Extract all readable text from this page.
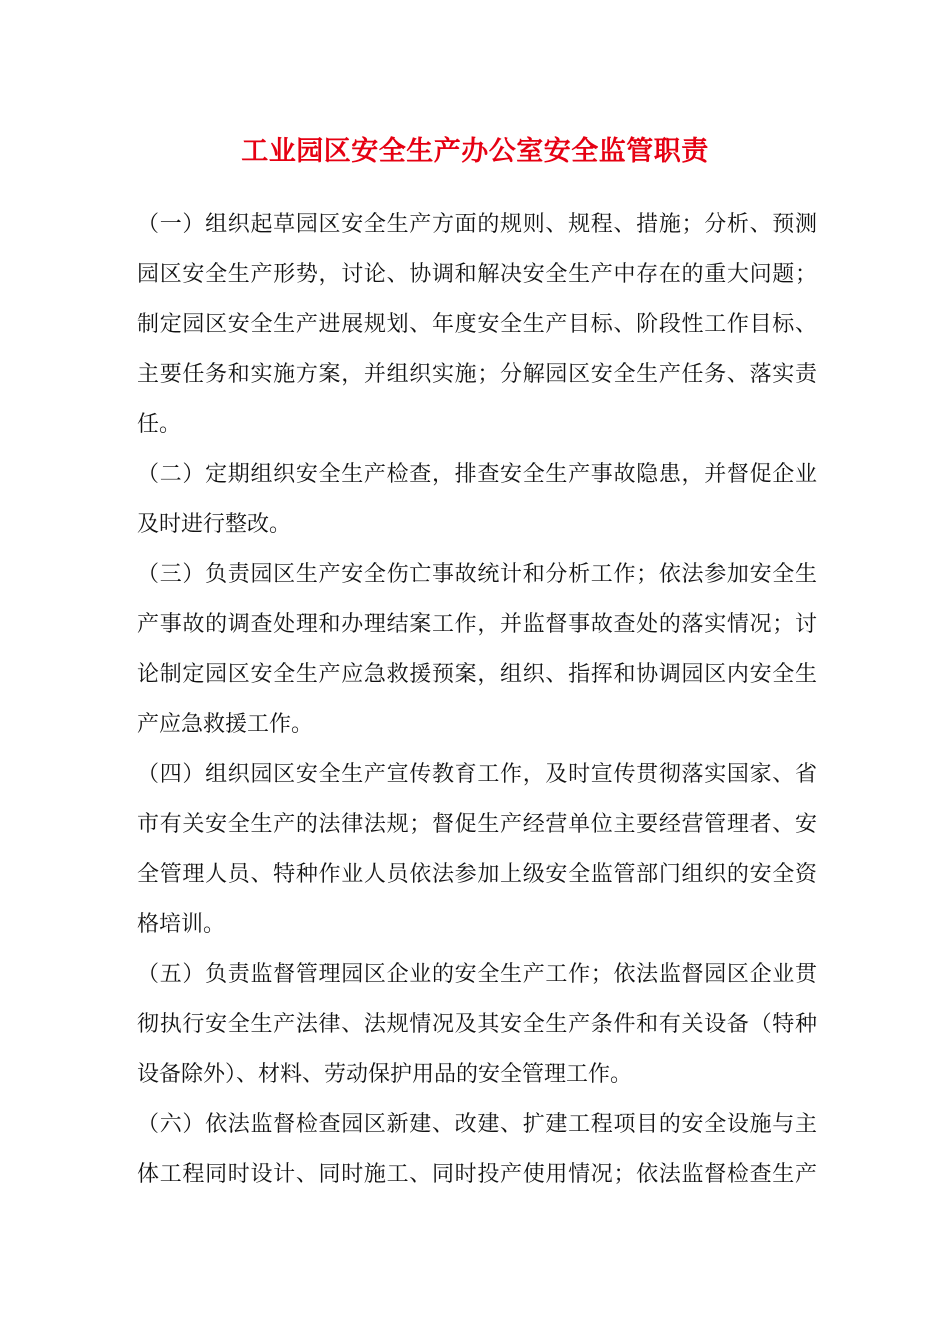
工业园区安全生产办公室安全监管职责
（一）组织起草园区安全生产方面的规则、规程、措施；分析、预测
园区安全生产形势，讨论、协调和解决安全生产中存在的重大问题；
制定园区安全生产进展规划、年度安全生产目标、阶段性工作目标、
主要任务和实施方案，并组织实施；分解园区安全生产任务、落实责
任。
（二）定期组织安全生产检查，排查安全生产事故隐患，并督促企业
及时进行整改。
（三）负责园区生产安全伤亡事故统计和分析工作；依法参加安全生
产事故的调查处理和办理结案工作，并监督事故查处的落实情况；讨
论制定园区安全生产应急救援预案，组织、指挥和协调园区内安全生
产应急救援工作。
（四）组织园区安全生产宣传教育工作，及时宣传贯彻落实国家、省
市有关安全生产的法律法规；督促生产经营单位主要经营管理者、安
全管理人员、特种作业人员依法参加上级安全监管部门组织的安全资
格培训。
（五）负责监督管理园区企业的安全生产工作；依法监督园区企业贯
彻执行安全生产法律、法规情况及其安全生产条件和有关设备（特种
设备除外）、材料、劳动保护用品的安全管理工作。
（六）依法监督检查园区新建、改建、扩建工程项目的安全设施与主
体工程同时设计、同时施工、同时投产使用情况；依法监督检查生产
